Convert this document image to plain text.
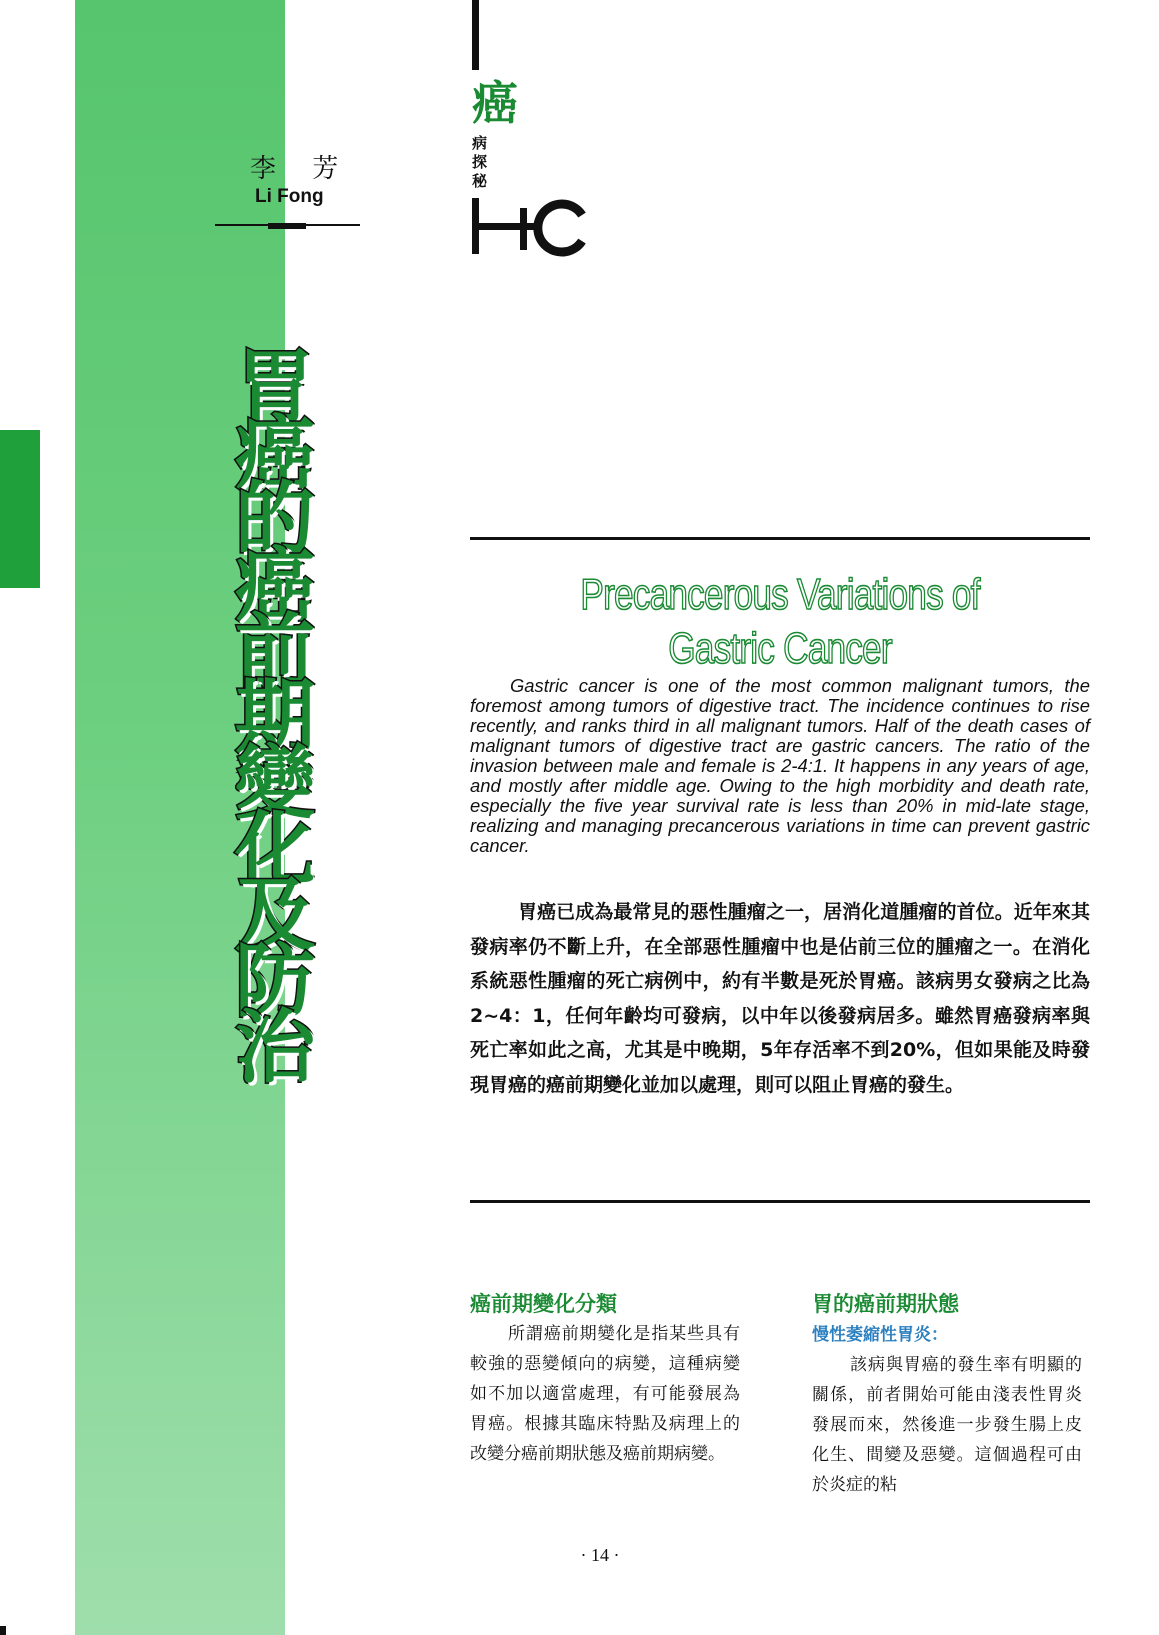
李 芳
Li Fong
癌
病
探
秘
胃
癌
的
癌
前
期
變
化
及
防
治
Precancerous Variations of
Gastric Cancer
Gastric cancer is one of the most common malignant tumors, the foremost among tumors of digestive tract. The incidence continues to rise recently, and ranks third in all malignant tumors. Half of the death cases of malignant tumors of digestive tract are gastric cancers. The ratio of the invasion between male and female is 2-4:1. It happens in any years of age, and mostly after middle age. Owing to the high morbidity and death rate, especially the five year survival rate is less than 20% in mid-late stage, realizing and managing precancerous variations in time can prevent gastric cancer.
胃癌已成為最常見的惡性腫瘤之一，居消化道腫瘤的首位。近年來其發病率仍不斷上升，在全部惡性腫瘤中也是佔前三位的腫瘤之一。在消化系統惡性腫瘤的死亡病例中，約有半數是死於胃癌。該病男女發病之比為2~4：1，任何年齡均可發病，以中年以後發病居多。雖然胃癌發病率與死亡率如此之高，尤其是中晚期，5年存活率不到20%，但如果能及時發現胃癌的癌前期變化並加以處理，則可以阻止胃癌的發生。
癌前期變化分類
所謂癌前期變化是指某些具有較強的惡變傾向的病變，這種病變如不加以適當處理，有可能發展為胃癌。根據其臨床特點及病理上的改變分癌前期狀態及癌前期病變。
胃的癌前期狀態
慢性萎縮性胃炎：
該病與胃癌的發生率有明顯的關係，前者開始可能由淺表性胃炎發展而來，然後進一步發生腸上皮化生、間變及惡變。這個過程可由於炎症的粘
· 14 ·
